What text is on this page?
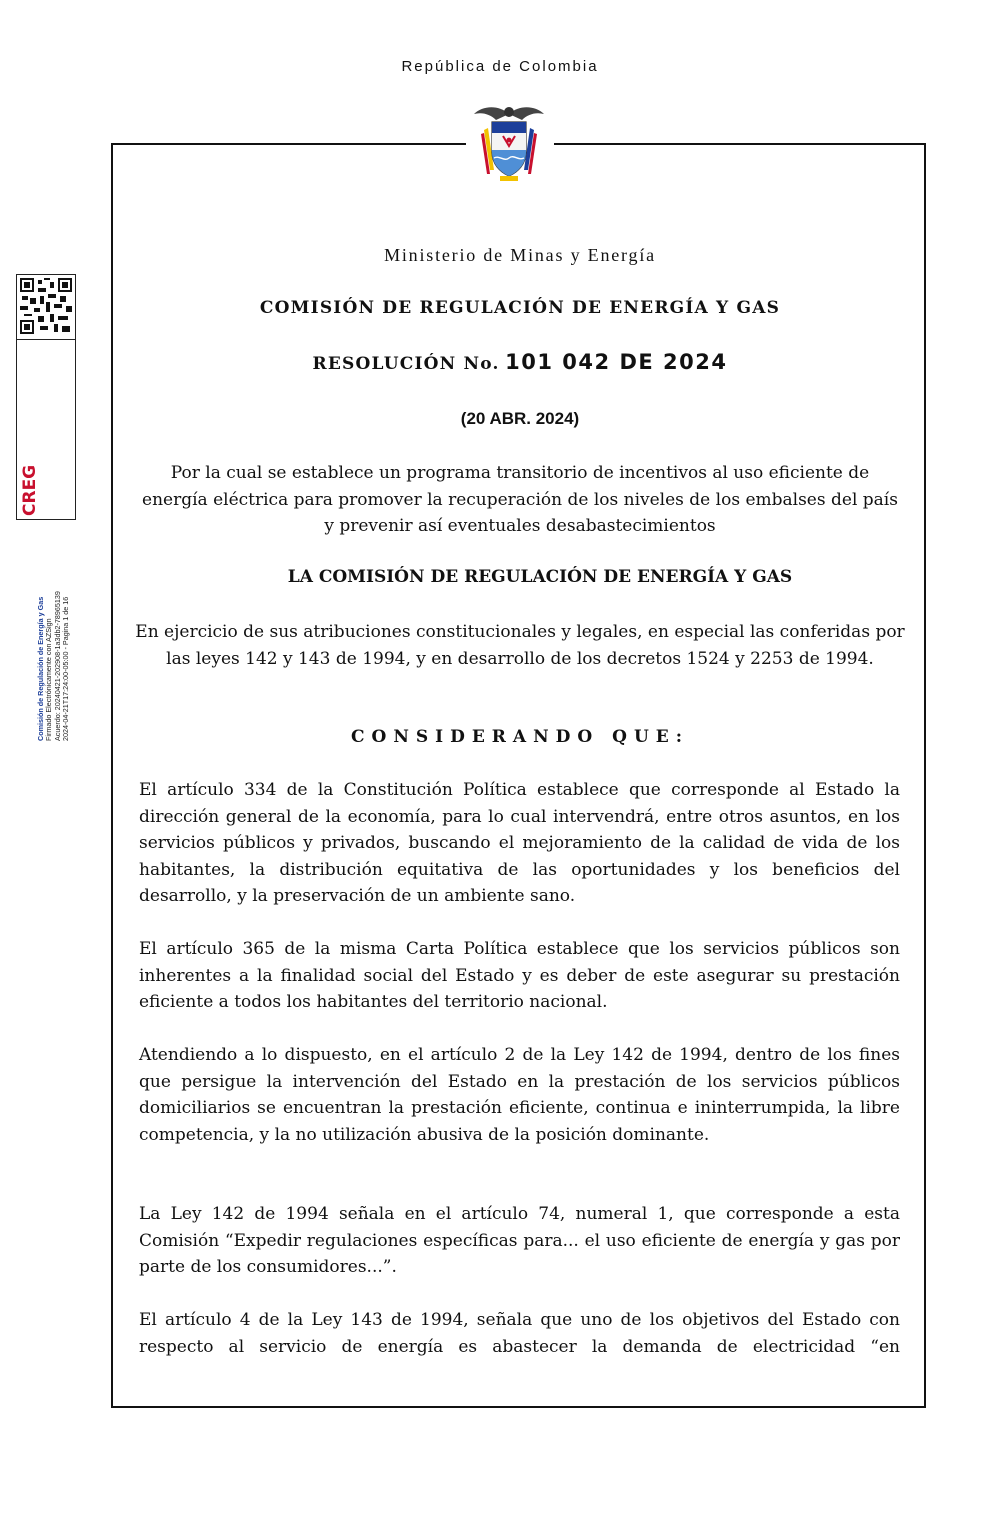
República de Colombia
CREG
Comisión de Regulación de Energía y Gas Firmado Electrónicamente con AZSign Acuerdo: 20240421-202908-1a3db2-78965139 2024-04-21T17:24:00-05:00 - Pagina 1 de 16
Ministerio de Minas y Energía
COMISIÓN DE REGULACIÓN DE ENERGÍA Y GAS
RESOLUCIÓN No. 101 042 DE 2024
(20 ABR. 2024)
Por la cual se establece un programa transitorio de incentivos al uso eficiente de energía eléctrica para promover la recuperación de los niveles de los embalses del país y prevenir así eventuales desabastecimientos
LA COMISIÓN DE REGULACIÓN DE ENERGÍA Y GAS
En ejercicio de sus atribuciones constitucionales y legales, en especial las conferidas por las leyes 142 y 143 de 1994, y en desarrollo de los decretos 1524 y 2253 de 1994.
CONSIDERANDO QUE:

El artículo 334 de la Constitución Política establece que corresponde al Estado la dirección general de la economía, para lo cual intervendrá, entre otros asuntos, en los servicios públicos y privados, buscando el mejoramiento de la calidad de vida de los habitantes, la distribución equitativa de las oportunidades y los beneficios del desarrollo, y la preservación de un ambiente sano.

El artículo 365 de la misma Carta Política establece que los servicios públicos son inherentes a la finalidad social del Estado y es deber de este asegurar su prestación eficiente a todos los habitantes del territorio nacional.

Atendiendo a lo dispuesto, en el artículo 2 de la Ley 142 de 1994, dentro de los fines que persigue la intervención del Estado en la prestación de los servicios públicos domiciliarios se encuentran la prestación eficiente, continua e ininterrumpida, la libre competencia, y la no utilización abusiva de la posición dominante.

La Ley 142 de 1994 señala en el artículo 74, numeral 1, que corresponde a esta Comisión “Expedir regulaciones específicas para... el uso eficiente de energía y gas por parte de los consumidores...”.

El artículo 4 de la Ley 143 de 1994, señala que uno de los objetivos del Estado con respecto al servicio de energía es abastecer la demanda de electricidad “en
